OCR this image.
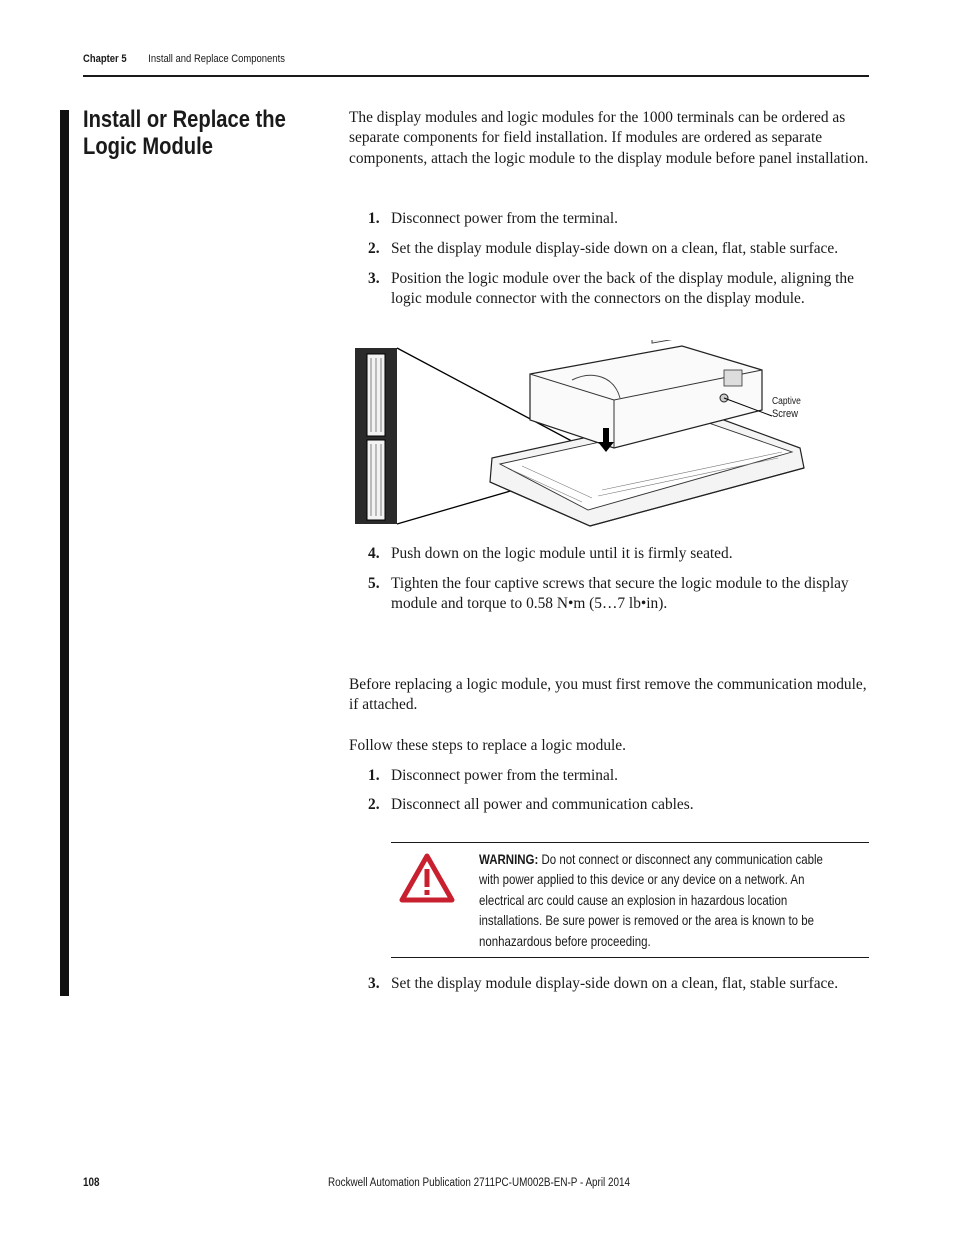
Chapter 5 Install and Replace Components
Install or Replace the Logic Module
The display modules and logic modules for the 1000 terminals can be ordered as separate components for field installation. If modules are ordered as separate components, attach the logic module to the display module before panel installation.
1. Disconnect power from the terminal.
2. Set the display module display-side down on a clean, flat, stable surface.
3. Position the logic module over the back of the display module, aligning the logic module connector with the connectors on the display module.
Captive
Screw
4. Push down on the logic module until it is firmly seated.
5. Tighten the four captive screws that secure the logic module to the display module and torque to 0.58 N•m (5…7 lb•in).
Before replacing a logic module, you must first remove the communication module, if attached.
Follow these steps to replace a logic module.
1. Disconnect power from the terminal.
2. Disconnect all power and communication cables.
WARNING: Do not connect or disconnect any communication cable with power applied to this device or any device on a network. An electrical arc could cause an explosion in hazardous location installations. Be sure power is removed or the area is known to be nonhazardous before proceeding.
3. Set the display module display-side down on a clean, flat, stable surface.
108	Rockwell Automation Publication 2711PC-UM002B-EN-P - April 2014
